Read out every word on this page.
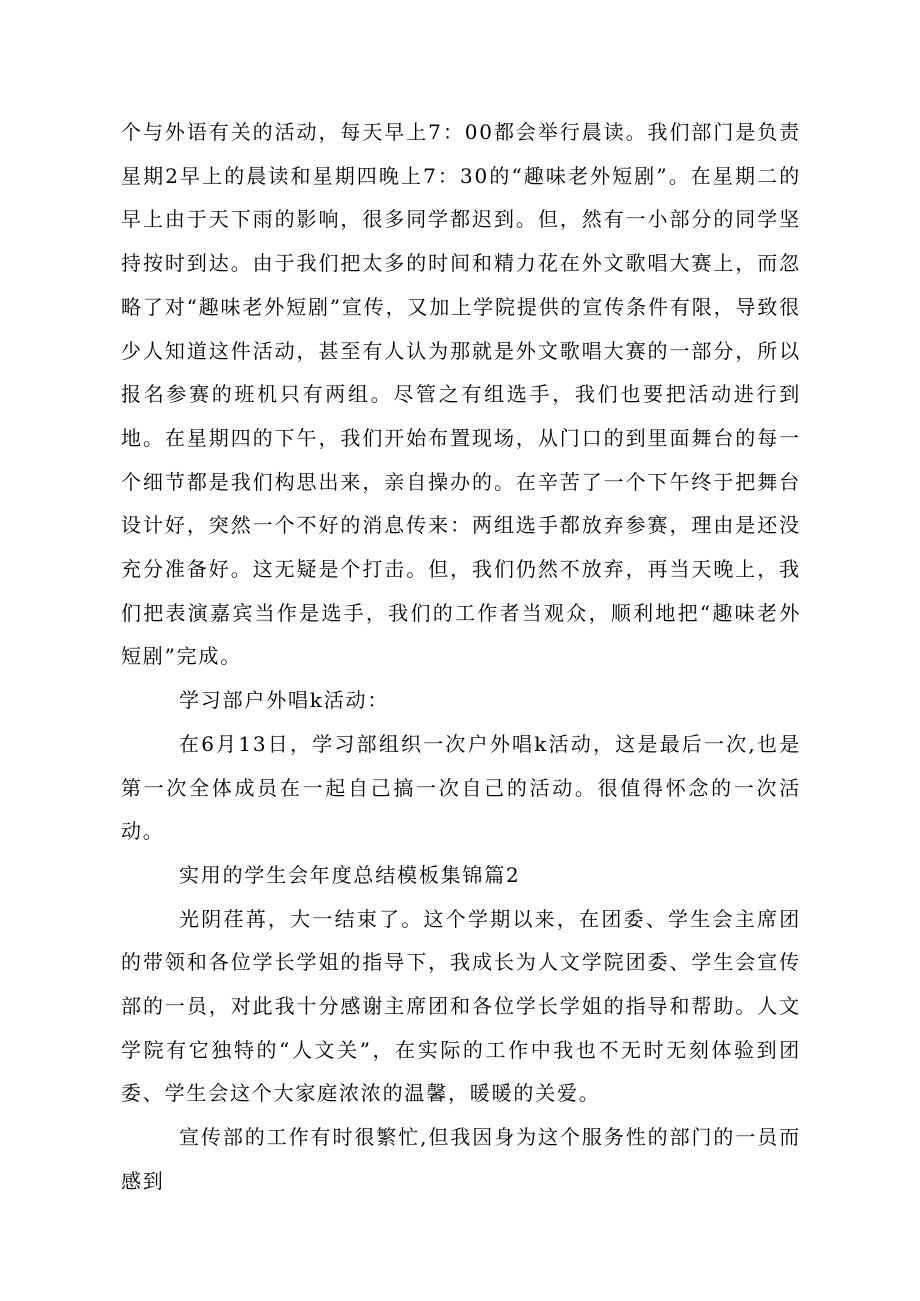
个与外语有关的活动，每天早上7：00都会举行晨读。我们部门是负责星期2早上的晨读和星期四晚上7：30的“趣味老外短剧”。在星期二的早上由于天下雨的影响，很多同学都迟到。但，然有一小部分的同学坚持按时到达。由于我们把太多的时间和精力花在外文歌唱大赛上，而忽略了对“趣味老外短剧”宣传，又加上学院提供的宣传条件有限，导致很少人知道这件活动，甚至有人认为那就是外文歌唱大赛的一部分，所以报名参赛的班机只有两组。尽管之有组选手，我们也要把活动进行到地。在星期四的下午，我们开始布置现场，从门口的到里面舞台的每一个细节都是我们构思出来，亲自操办的。在辛苦了一个下午终于把舞台设计好，突然一个不好的消息传来：两组选手都放弃参赛，理由是还没充分准备好。这无疑是个打击。但，我们仍然不放弃，再当天晚上，我们把表演嘉宾当作是选手，我们的工作者当观众，顺利地把“趣味老外短剧”完成。

学习部户外唱k活动：

在6月13日，学习部组织一次户外唱k活动，这是最后一次,也是第一次全体成员在一起自己搞一次自己的活动。很值得怀念的一次活动。

实用的学生会年度总结模板集锦篇2

光阴荏苒，大一结束了。这个学期以来，在团委、学生会主席团的带领和各位学长学姐的指导下，我成长为人文学院团委、学生会宣传部的一员，对此我十分感谢主席团和各位学长学姐的指导和帮助。人文学院有它独特的“人文关”，在实际的工作中我也不无时无刻体验到团委、学生会这个大家庭浓浓的温馨，暖暖的关爱。

宣传部的工作有时很繁忙,但我因身为这个服务性的部门的一员而感到
